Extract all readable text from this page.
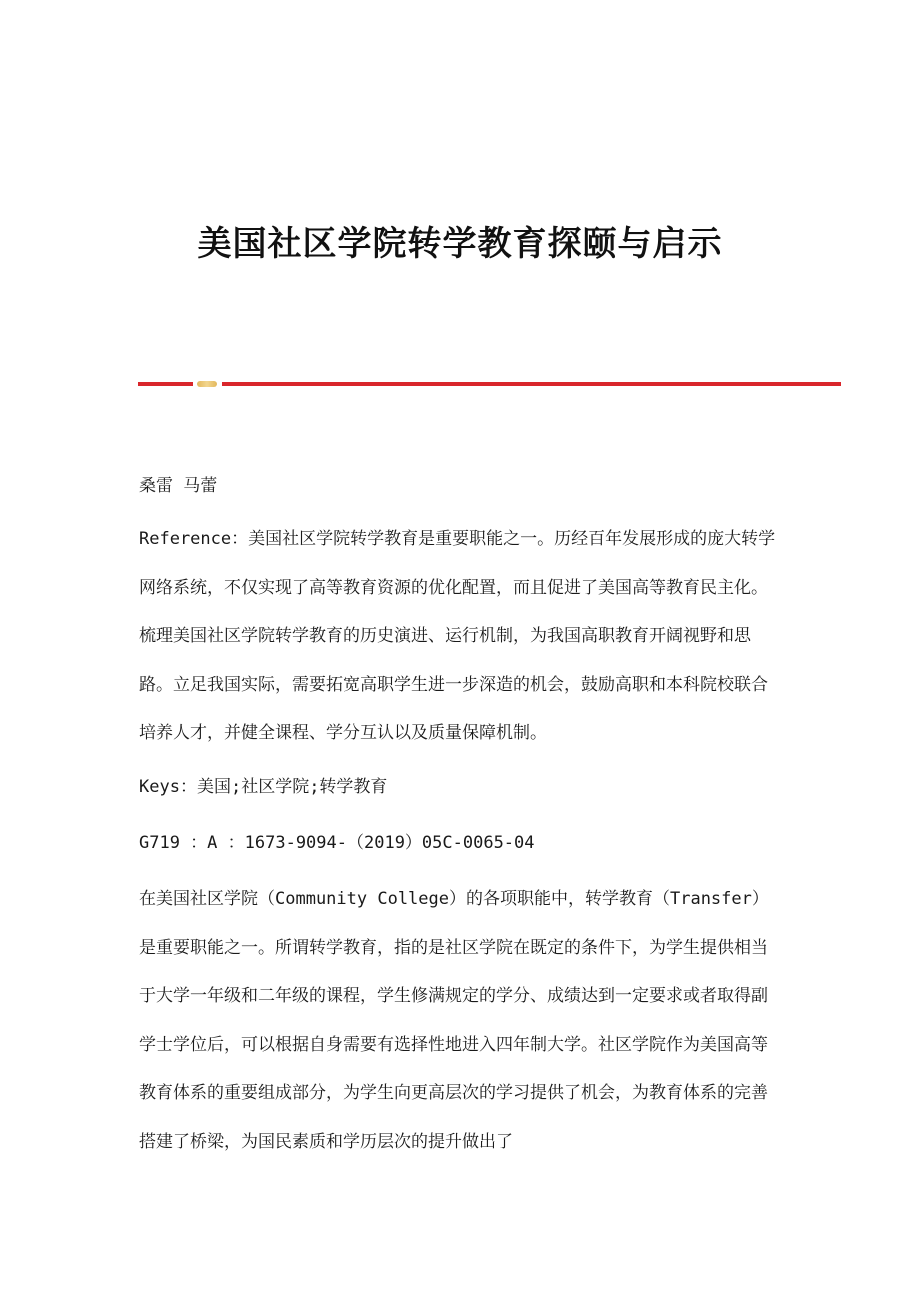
美国社区学院转学教育探颐与启示

桑雷 马蕾

Reference：美国社区学院转学教育是重要职能之一。历经百年发展形成的庞大转学网络系统，不仅实现了高等教育资源的优化配置，而且促进了美国高等教育民主化。梳理美国社区学院转学教育的历史演进、运行机制，为我国高职教育开阔视野和思路。立足我国实际，需要拓宽高职学生进一步深造的机会，鼓励高职和本科院校联合培养人才，并健全课程、学分互认以及质量保障机制。

Keys：美国;社区学院;转学教育

G719 ：A ：1673-9094-（2019）05C-0065-04

在美国社区学院（Community College）的各项职能中，转学教育（Transfer）是重要职能之一。所谓转学教育，指的是社区学院在既定的条件下，为学生提供相当于大学一年级和二年级的课程，学生修满规定的学分、成绩达到一定要求或者取得副学士学位后，可以根据自身需要有选择性地进入四年制大学。社区学院作为美国高等教育体系的重要组成部分，为学生向更高层次的学习提供了机会，为教育体系的完善搭建了桥梁，为国民素质和学历层次的提升做出了
